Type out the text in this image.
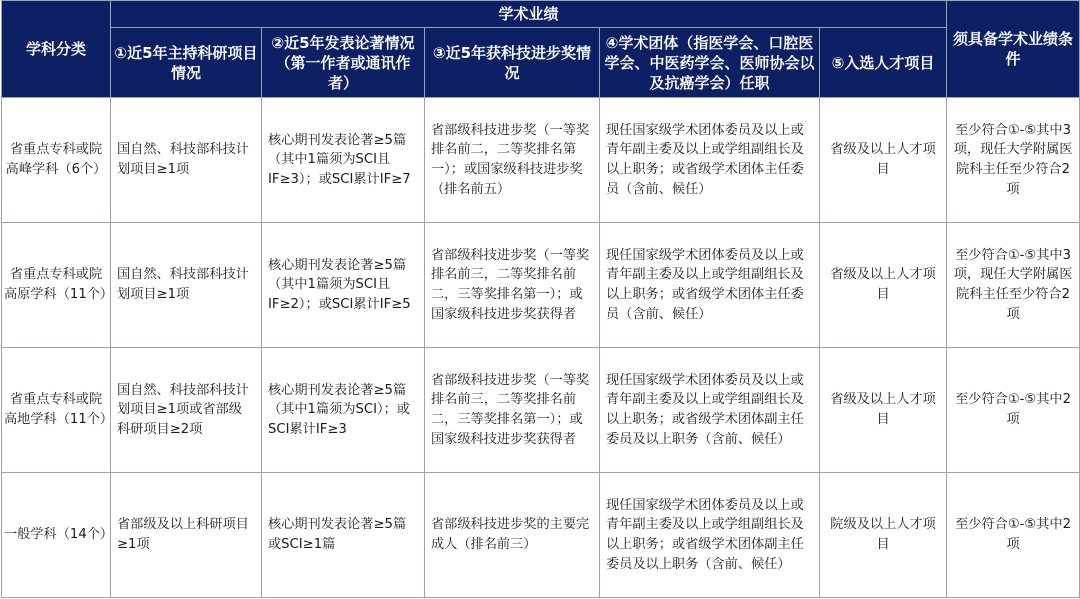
学科分类	学术业绩					须具备学术业绩条件
	①近5年主持科研项目情况	②近5年发表论著情况（第一作者或通讯作者）	③近5年获科技进步奖情况	④学术团体（指医学会、口腔医学会、中医药学会、医师协会以及抗癌学会）任职	⑤入选人才项目	
省重点专科或院高峰学科（6个）	国自然、科技部科技计划项目≥1项	核心期刊发表论著≥5篇（其中1篇须为SCI且IF≥3）；或SCI累计IF≥7	省部级科技进步奖（一等奖排名前二，二等奖排名第一）；或国家级科技进步奖（排名前五）	现任国家级学术团体委员及以上或青年副主委及以上或学组副组长及以上职务；或省级学术团体主任委员（含前、候任）	省级及以上人才项目	至少符合①-⑤其中3项，现任大学附属医院科主任至少符合2项
省重点专科或院高原学科（11个）	国自然、科技部科技计划项目≥1项	核心期刊发表论著≥5篇（其中1篇须为SCI且IF≥2）；或SCI累计IF≥5	省部级科技进步奖（一等奖排名前三，二等奖排名前二，三等奖排名第一）；或国家级科技进步奖获得者	现任国家级学术团体委员及以上或青年副主委及以上或学组副组长及以上职务；或省级学术团体主任委员（含前、候任）	省级及以上人才项目	至少符合①-⑤其中3项，现任大学附属医院科主任至少符合2项
省重点专科或院高地学科（11个）	国自然、科技部科技计划项目≥1项或省部级科研项目≥2项	核心期刊发表论著≥5篇（其中1篇须为SCI）；或SCI累计IF≥3	省部级科技进步奖（一等奖排名前三，二等奖排名前二，三等奖排名第一）；或国家级科技进步奖获得者	现任国家级学术团体委员及以上或青年副主委及以上或学组副组长及以上职务；或省级学术团体副主任委员及以上职务（含前、候任）	省级及以上人才项目	至少符合①-⑤其中2项
一般学科（14个）	省部级及以上科研项目≥1项	核心期刊发表论著≥5篇或SCI≥1篇	省部级科技进步奖的主要完成人（排名前三）	现任国家级学术团体委员及以上或青年副主委及以上或学组副组长及以上职务；或省级学术团体副主任委员及以上职务（含前、候任）	院级及以上人才项目	至少符合①-⑤其中2项
